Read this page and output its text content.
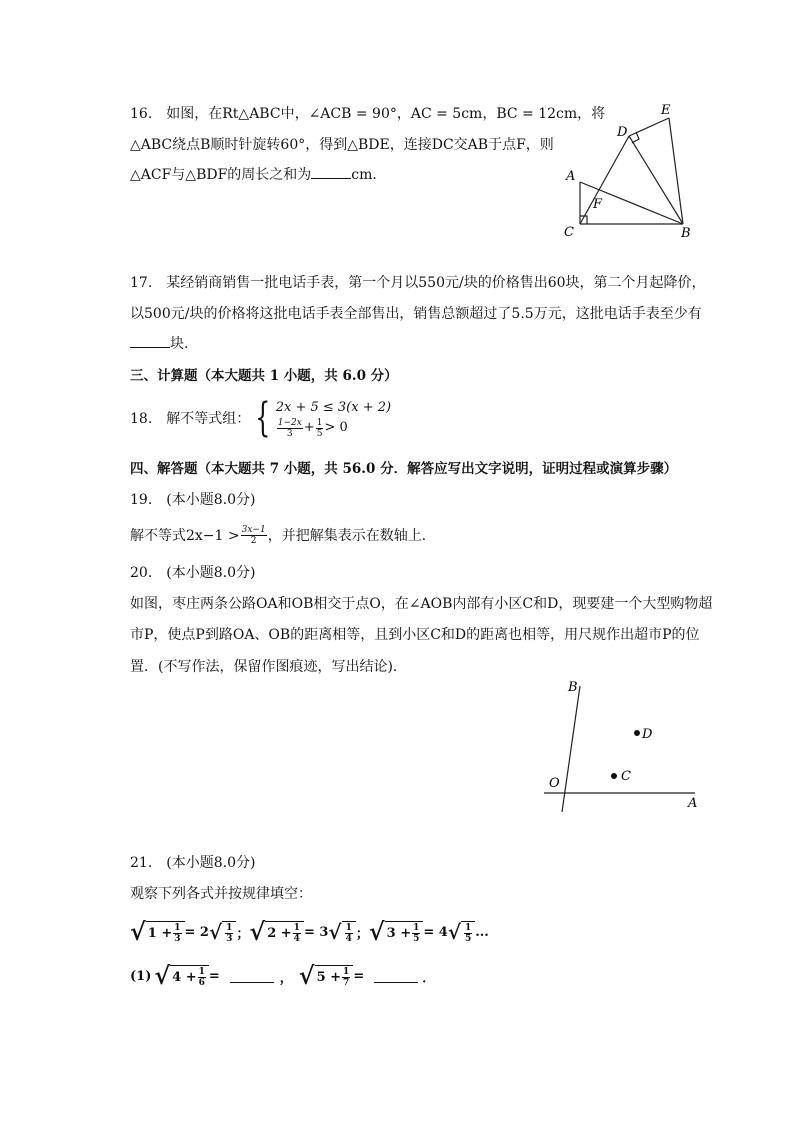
16.　如图，在Rt△ABC中，∠ACB = 90°，AC = 5cm，BC = 12cm，将
△ABC绕点B顺时针旋转60°，得到△BDE，连接DC交AB于点F，则
△ACF与△BDF的周长之和为	cm．
E
D
A
F
C	B
17.　某经销商销售一批电话手表，第一个月以550元/块的价格售出60块，第二个月起降价，
以500元/块的价格将这批电话手表全部售出，销售总额超过了5.5万元，这批电话手表至少有
块．
三、计算题（本大题共 1 小题，共 6.0 分）
18.　解不等式组： { 2x + 5 ≤ 3(x + 2)
$\frac{1-2x}{3} + \frac{1}{5} > 0$
四、解答题（本大题共 7 小题，共 56.0 分．解答应写出文字说明，证明过程或演算步骤）
19.　(本小题8.0分)
解不等式$2x-1 > \frac{3x-1}{2}$ ，并把解集表示在数轴上．
20.　(本小题8.0分)
如图，枣庄两条公路OA和OB相交于点O，在∠AOB内部有小区C和D，现要建一个大型购物超
市P，使点P到路OA、OB的距离相等，且到小区C和D的距离也相等，用尺规作出超市P的位
置．(不写作法，保留作图痕迹，写出结论)．
B
D
O	C
A
21.　(本小题8.0分)
观察下列各式并按规律填空：
√ $1 + \frac{1}{3} = 2$ √ $\frac{1}{3}$ ； √ $2 + \frac{1}{4} = 3$ √ $\frac{1}{4}$ ； √ $3 + \frac{1}{5} = 4$ √ $\frac{1}{5}$ ...
(1) √ $4 + \frac{1}{6}$ =	， √ $5 + \frac{1}{7}$ =	．
